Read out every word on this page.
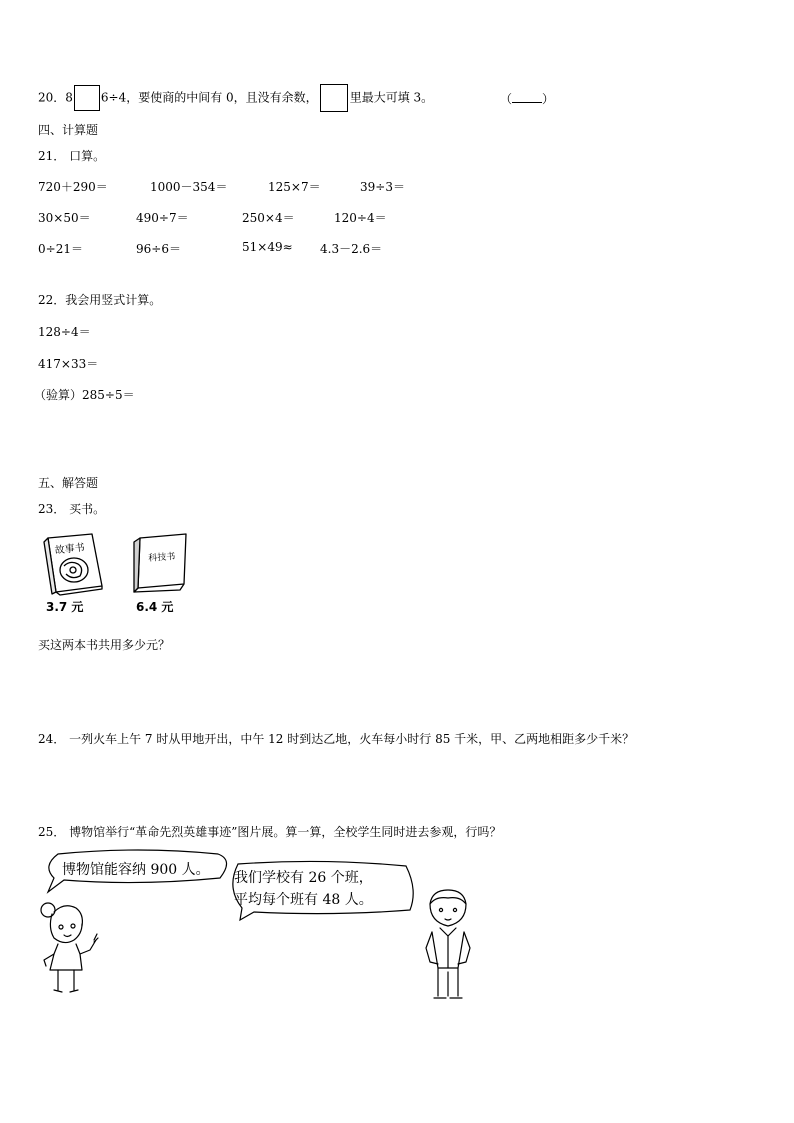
20．8 6÷4，要使商的中间有 0，且没有余数，	里最大可填 3。	（	）
四、计算题
21． 口算。
720＋290＝	1000－354＝	125×7＝	39÷3＝
30×50＝	490÷7＝	250×4＝	120÷4＝
0÷21＝	96÷6＝	51×49≈ 4.3－2.6＝
22．我会用竖式计算。
128÷4＝
417×33＝
（验算）285÷5＝
五、解答题
23． 买书。
故事书
3.7 元
科技书
6.4 元
买这两本书共用多少元？
24． 一列火车上午 7 时从甲地开出，中午 12 时到达乙地，火车每小时行 85 千米，甲、乙两地相距多少千米？
25． 博物馆举行“革命先烈英雄事迹”图片展。算一算，全校学生同时进去参观，行吗？
博物馆能容纳 900 人。 我们学校有 26 个班，
平均每个班有 48 人。
